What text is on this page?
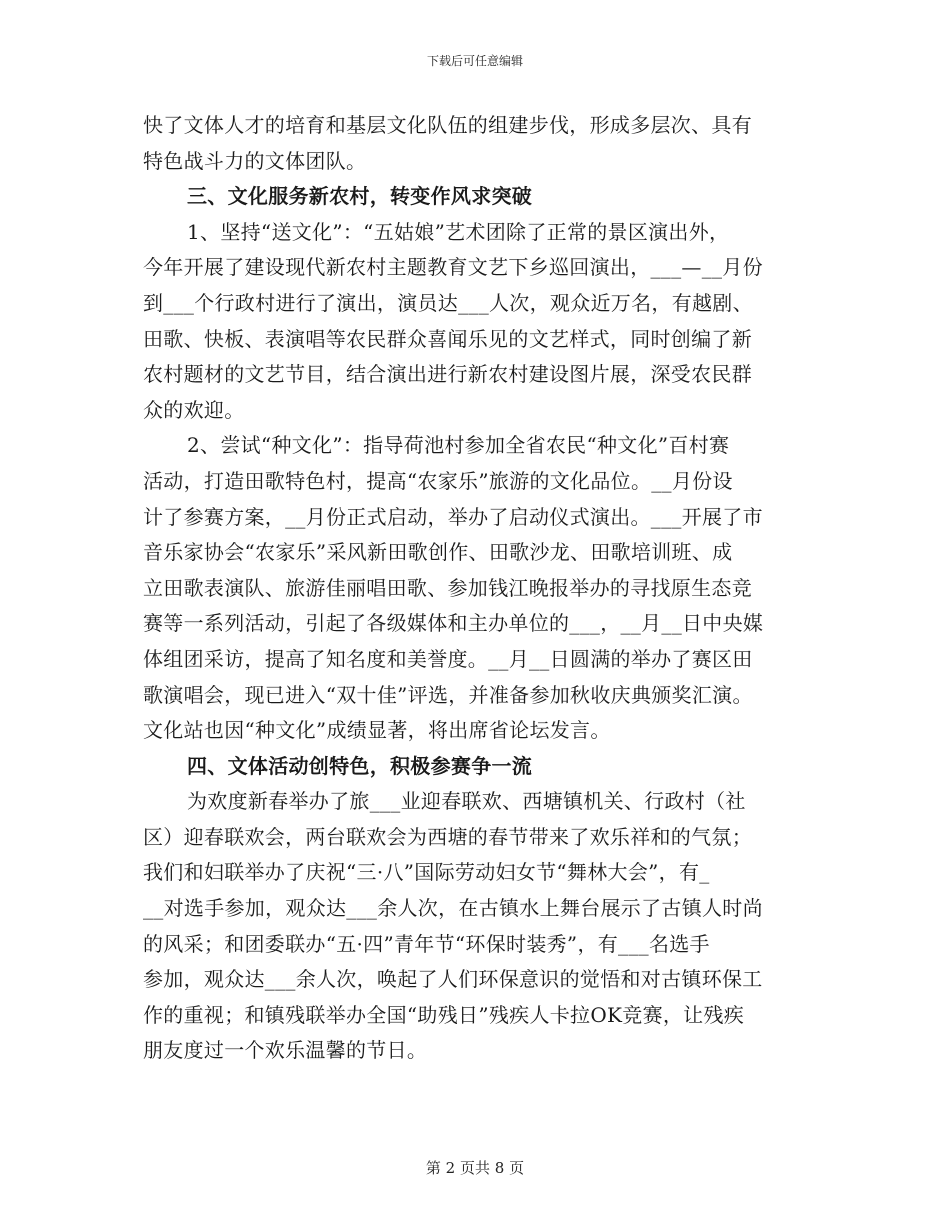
下载后可任意编辑

快了文体人才的培育和基层文化队伍的组建步伐，形成多层次、具有
特色战斗力的文体团队。

三、文化服务新农村，转变作风求突破

1、坚持“送文化”：“五姑娘”艺术团除了正常的景区演出外，
今年开展了建设现代新农村主题教育文艺下乡巡回演出，___—__月份
到___个行政村进行了演出，演员达___人次，观众近万名，有越剧、
田歌、快板、表演唱等农民群众喜闻乐见的文艺样式，同时创编了新
农村题材的文艺节目，结合演出进行新农村建设图片展，深受农民群
众的欢迎。

2、尝试“种文化”：指导荷池村参加全省农民“种文化”百村赛
活动，打造田歌特色村，提高“农家乐”旅游的文化品位。__月份设
计了参赛方案，__月份正式启动，举办了启动仪式演出。___开展了市
音乐家协会“农家乐”采风新田歌创作、田歌沙龙、田歌培训班、成
立田歌表演队、旅游佳丽唱田歌、参加钱江晚报举办的寻找原生态竞
赛等一系列活动，引起了各级媒体和主办单位的___，__月__日中央媒
体组团采访，提高了知名度和美誉度。__月__日圆满的举办了赛区田
歌演唱会，现已进入“双十佳”评选，并准备参加秋收庆典颁奖汇演。
文化站也因“种文化”成绩显著，将出席省论坛发言。

四、文体活动创特色，积极参赛争一流

为欢度新春举办了旅___业迎春联欢、西塘镇机关、行政村（社
区）迎春联欢会，两台联欢会为西塘的春节带来了欢乐祥和的气氛；
我们和妇联举办了庆祝“三·八”国际劳动妇女节“舞林大会”，有_
__对选手参加，观众达___余人次，在古镇水上舞台展示了古镇人时尚
的风采；和团委联办“五·四”青年节“环保时装秀”，有___名选手
参加，观众达___余人次，唤起了人们环保意识的觉悟和对古镇环保工
作的重视；和镇残联举办全国“助残日”残疾人卡拉OK竞赛，让残疾
朋友度过一个欢乐温馨的节日。

第 2 页共 8 页
